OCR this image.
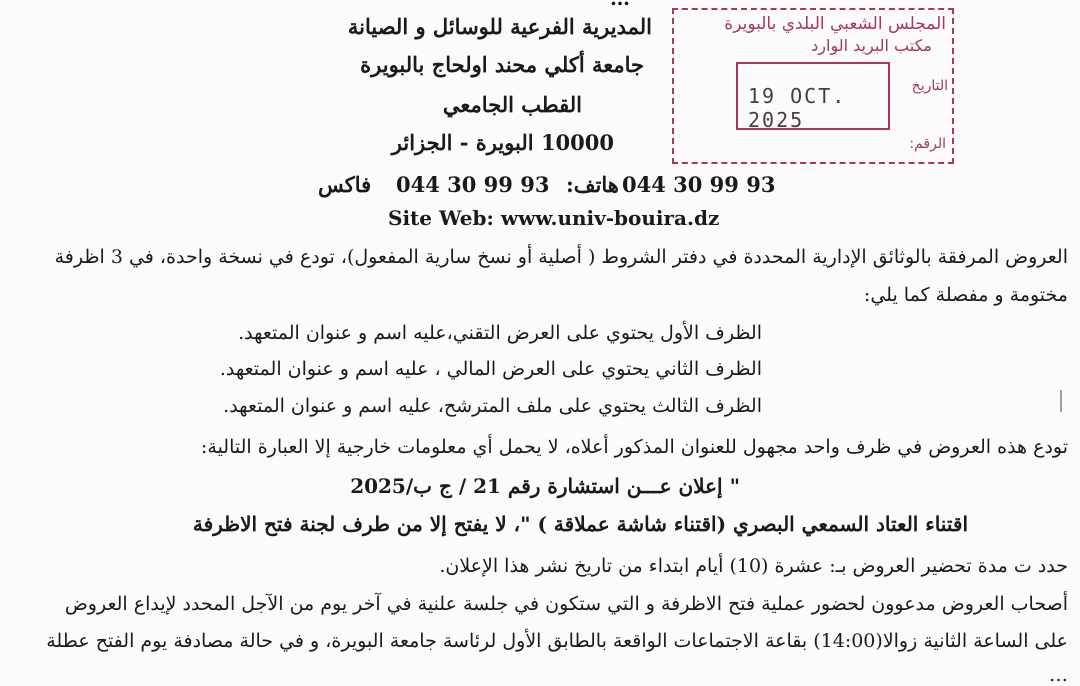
المديرية الفرعية للوسائل و الصيانة
جامعة أكلي محند اولحاج بالبويرة
القطب الجامعي
10000 البويرة - الجزائر
فاكس 044 30 99 93 هاتف: 044 30 99 93
Site Web: www.univ-bouira.dz
المجلس الشعبي البلدي بالبويرة
مكتب البريد الوارد
19 OCT. 2025
التاريخ
الرقم:
العروض المرفقة بالوثائق الإدارية المحددة في دفتر الشروط ( أصلية أو نسخ سارية المفعول)، تودع في نسخة واحدة، في 3 اظرفة
مختومة و مفصلة كما يلي:
الظرف الأول يحتوي على العرض التقني،عليه اسم و عنوان المتعهد.
الظرف الثاني يحتوي على العرض المالي ، عليه اسم و عنوان المتعهد.
الظرف الثالث يحتوي على ملف المترشح، عليه اسم و عنوان المتعهد.
تودع هذه العروض في ظرف واحد مجهول للعنوان المذكور أعلاه، لا يحمل أي معلومات خارجية إلا العبارة التالية:
" إعلان عـــن استشارة رقم 21 / ج ب/2025
اقتناء العتاد السمعي البصري (اقتناء شاشة عملاقة ) "، لا يفتح إلا من طرف لجنة فتح الاظرفة
حدد ت مدة تحضير العروض بـ: عشرة (10) أيام ابتداء من تاريخ نشر هذا الإعلان.
أصحاب العروض مدعوون لحضور عملية فتح الاظرفة و التي ستكون في جلسة علنية في آخر يوم من الآجل المحدد لإيداع العروض
على الساعة الثانية زوالا(14:00) بقاعة الاجتماعات الواقعة بالطابق الأول لرئاسة جامعة البويرة، و في حالة مصادفة يوم الفتح عطلة
…
